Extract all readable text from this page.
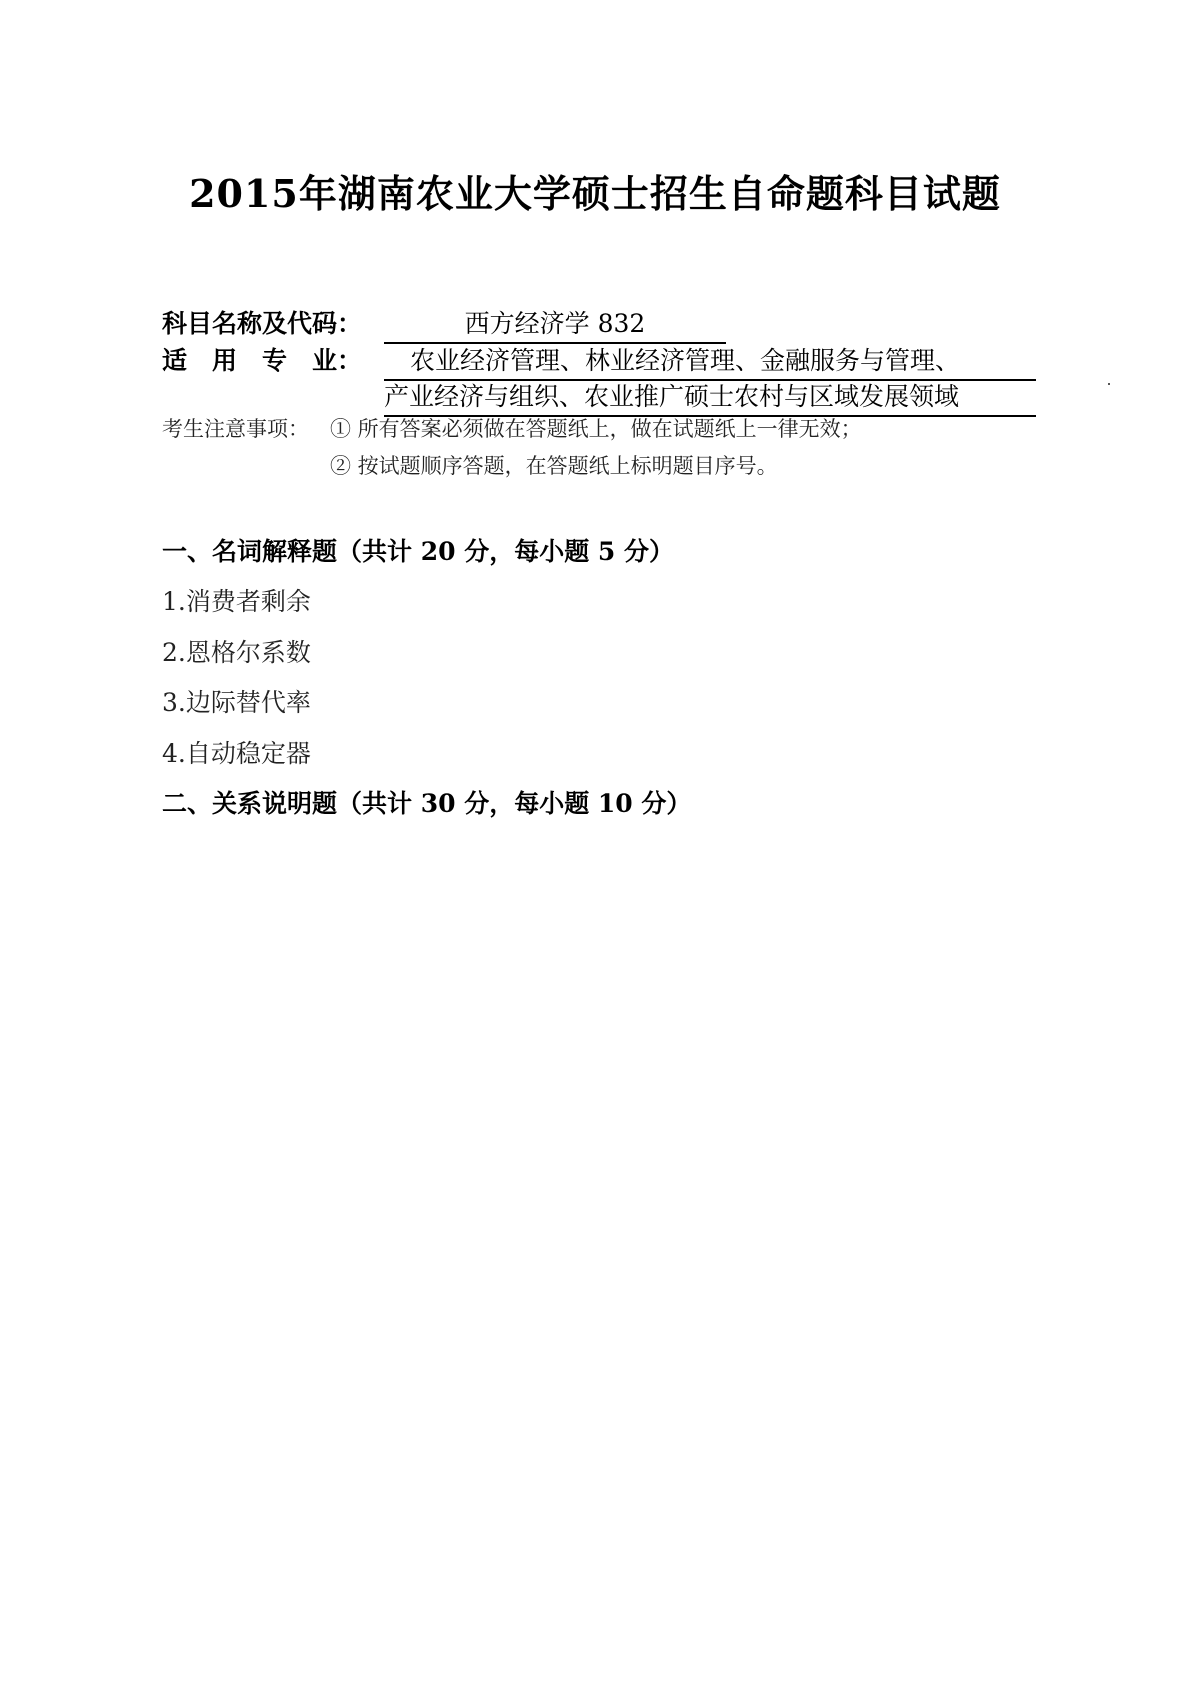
2015年湖南农业大学硕士招生自命题科目试题
科目名称及代码：	西方经济学 832
适　用　专　业：	农业经济管理、林业经济管理、金融服务与管理、
产业经济与组织、农业推广硕士农村与区域发展领域
考生注意事项： ① 所有答案必须做在答题纸上，做在试题纸上一律无效；
② 按试题顺序答题，在答题纸上标明题目序号。
一、名词解释题（共计 20 分，每小题 5 分）
1.消费者剩余
2.恩格尔系数
3.边际替代率
4.自动稳定器
二、关系说明题（共计 30 分，每小题 10 分）
